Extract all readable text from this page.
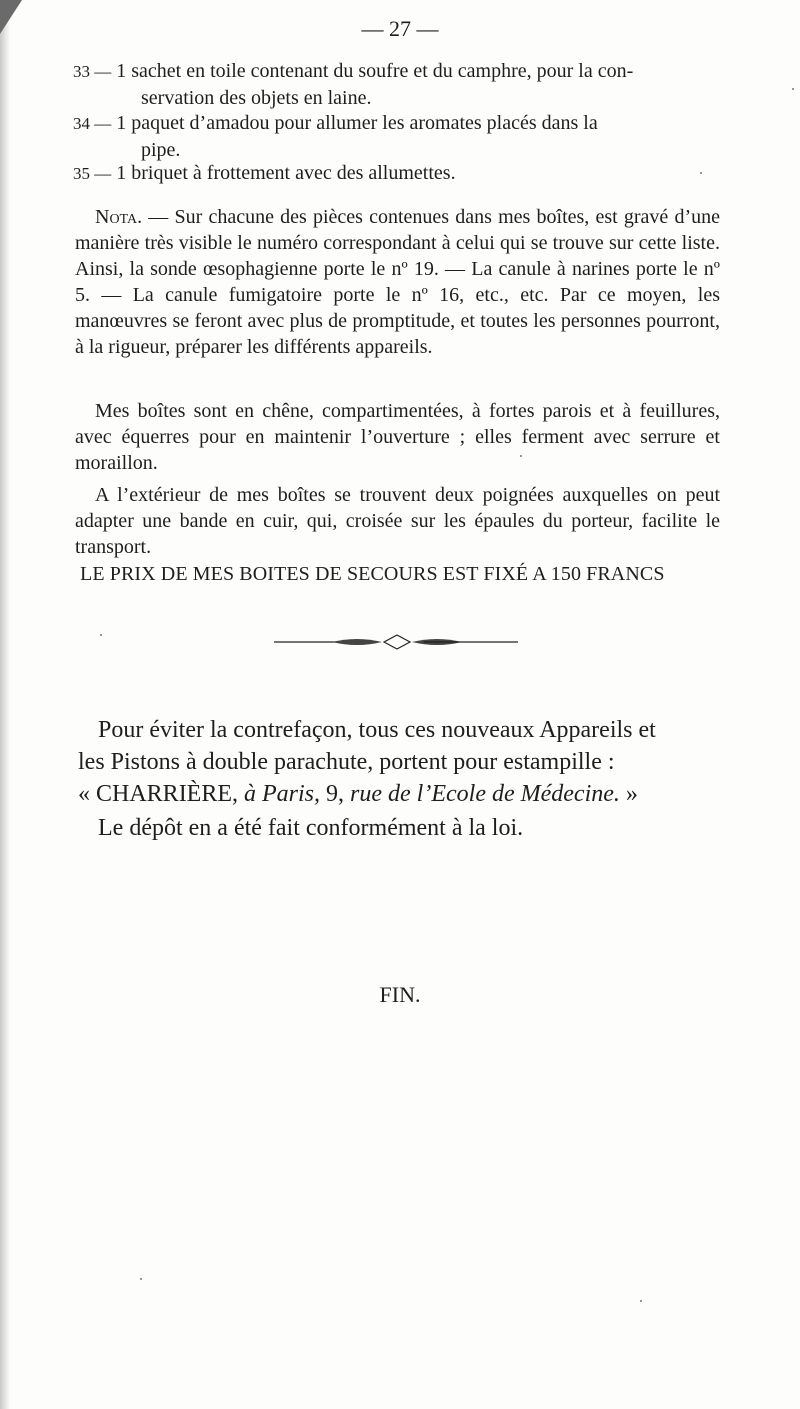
— 27 —
33 — 1 sachet en toile contenant du soufre et du camphre, pour la con-
servation des objets en laine.
34 — 1 paquet d’amadou pour allumer les aromates placés dans la
pipe.
35 — 1 briquet à frottement avec des allumettes.
Nota. — Sur chacune des pièces contenues dans mes boîtes, est gravé d’une manière très visible le numéro correspondant à celui qui se trouve sur cette liste. Ainsi, la sonde œsophagienne porte le nº 19. — La canule à narines porte le nº 5. — La canule fumigatoire porte le nº 16, etc., etc. Par ce moyen, les manœuvres se feront avec plus de promptitude, et toutes les personnes pourront, à la rigueur, préparer les différents appareils.
Mes boîtes sont en chêne, compartimentées, à fortes parois et à feuillures, avec équerres pour en maintenir l’ouverture ; elles ferment avec serrure et moraillon.
A l’extérieur de mes boîtes se trouvent deux poignées auxquelles on peut adapter une bande en cuir, qui, croisée sur les épaules du porteur, facilite le transport.
LE PRIX DE MES BOITES DE SECOURS EST FIXÉ A 150 FRANCS
Pour éviter la contrefaçon, tous ces nouveaux Appareils et
les Pistons à double parachute, portent pour estampille :
« CHARRIÈRE, à Paris, 9, rue de l’Ecole de Médecine. »
Le dépôt en a été fait conformément à la loi.
FIN.
